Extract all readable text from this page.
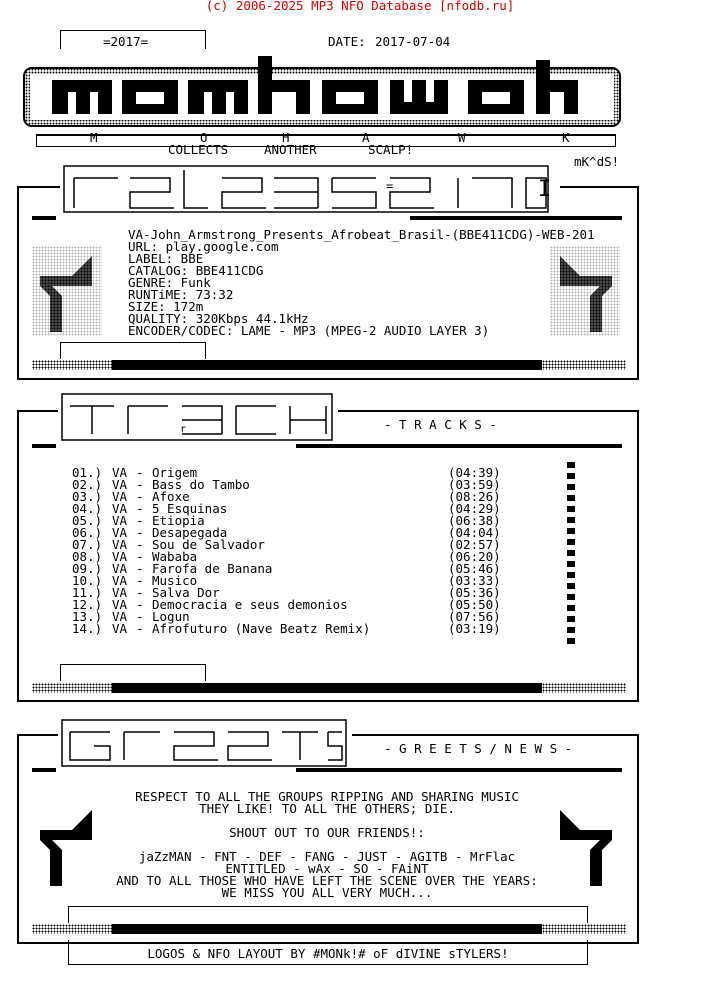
(c) 2006-2025 MP3 NFO Database [nfodb.ru]
=2017=	DATE: 2017-07-04
M	O	H	A	W	K
COLLECTS	ANOTHER	SCALP!
=	I
mK^dS!
VA-John_Armstrong_Presents_Afrobeat_Brasil-(BBE411CDG)-WEB-201
URL: play.google.com
LABEL: BBE
CATALOG: BBE411CDG
GENRE: Funk
RUNTiME: 73:32
SIZE: 172m
QUALITY: 320Kbps 44.1kHz
ENCODER/CODEC: LAME - MP3 (MPEG-2 AUDIO LAYER 3)
r	- T R A C K S -
01.) VA - Origem	(04:39)
02.) VA - Bass do Tambo	(03:59)
03.) VA - Afoxe	(08:26)
04.) VA - 5 Esquinas	(04:29)
05.) VA - Etiopia	(06:38)
06.) VA - Desapegada	(04:04)
07.) VA - Sou de Salvador	(02:57)
08.) VA - Wababa	(06:20)
09.) VA - Farofa de Banana	(05:46)
10.) VA - Musico	(03:33)
11.) VA - Salva Dor	(05:36)
12.) VA - Democracia e seus demonios	(05:50)
13.) VA - Logun	(07:56)
14.) VA - Afrofuturo (Nave Beatz Remix)	(03:19)
- G R E E T S / N E W S -
RESPECT TO ALL THE GROUPS RIPPING AND SHARING MUSIC
THEY LIKE! TO ALL THE OTHERS; DIE.

SHOUT OUT TO OUR FRIENDS!:

jaZzMAN - FNT - DEF - FANG - JUST - AGITB - MrFlac
ENTITLED - wAx - SO - FAiNT
AND TO ALL THOSE WHO HAVE LEFT THE SCENE OVER THE YEARS:
WE MISS YOU ALL VERY MUCH...
LOGOS & NFO LAYOUT BY #MONk!# oF dIVINE sTYLERS!
